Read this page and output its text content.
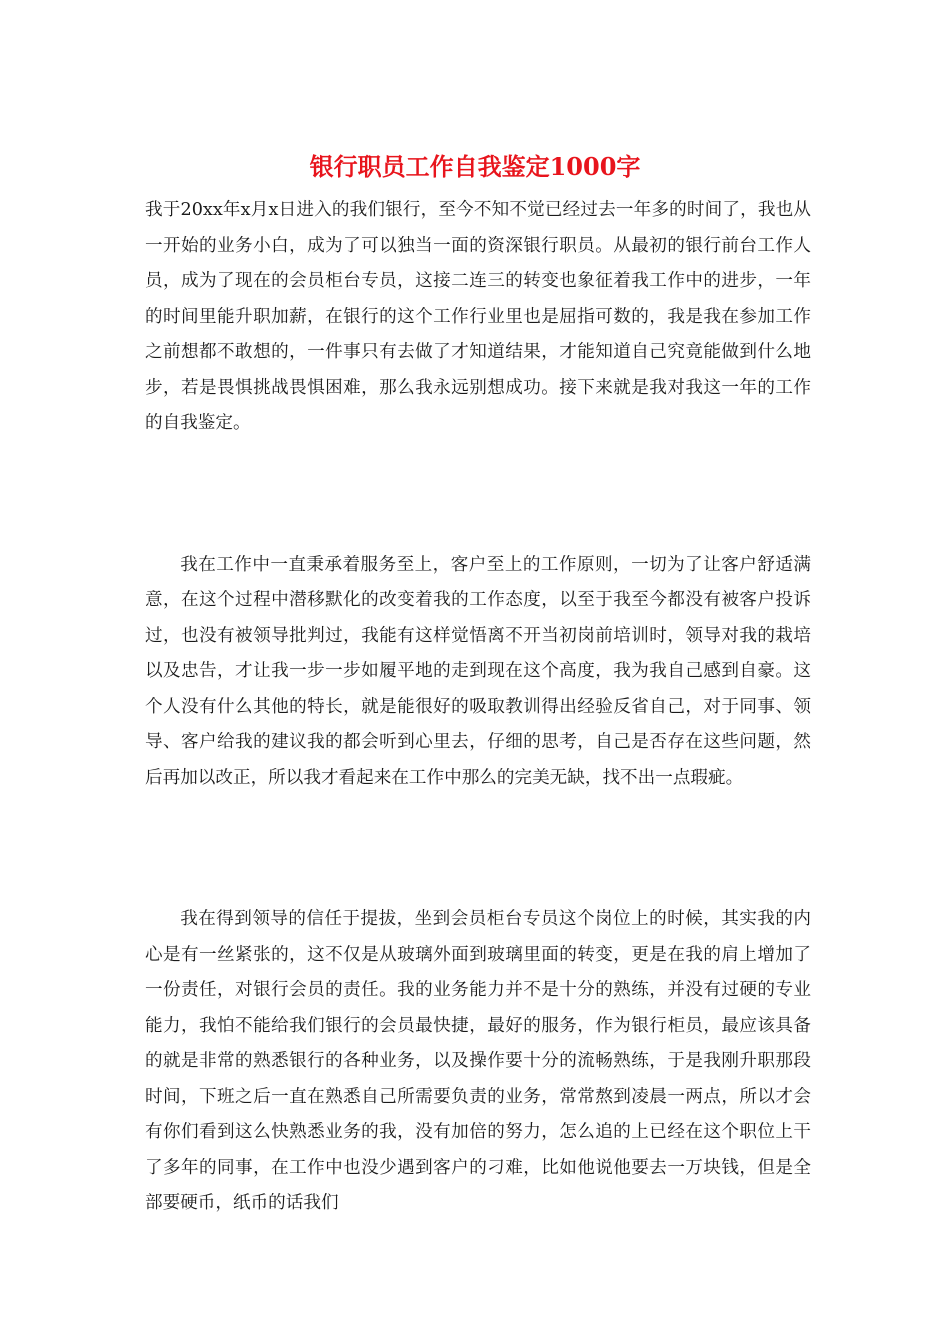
银行职员工作自我鉴定1000字

我于20xx年x月x日进入的我们银行，至今不知不觉已经过去一年多的时间了，我也从一开始的业务小白，成为了可以独当一面的资深银行职员。从最初的银行前台工作人员，成为了现在的会员柜台专员，这接二连三的转变也象征着我工作中的进步，一年的时间里能升职加薪，在银行的这个工作行业里也是屈指可数的，我是我在参加工作之前想都不敢想的，一件事只有去做了才知道结果，才能知道自己究竟能做到什么地步，若是畏惧挑战畏惧困难，那么我永远别想成功。接下来就是我对我这一年的工作的自我鉴定。

我在工作中一直秉承着服务至上，客户至上的工作原则，一切为了让客户舒适满意，在这个过程中潜移默化的改变着我的工作态度，以至于我至今都没有被客户投诉过，也没有被领导批判过，我能有这样觉悟离不开当初岗前培训时，领导对我的栽培以及忠告，才让我一步一步如履平地的走到现在这个高度，我为我自己感到自豪。这个人没有什么其他的特长，就是能很好的吸取教训得出经验反省自己，对于同事、领导、客户给我的建议我的都会听到心里去，仔细的思考，自己是否存在这些问题，然后再加以改正，所以我才看起来在工作中那么的完美无缺，找不出一点瑕疵。

我在得到领导的信任于提拔，坐到会员柜台专员这个岗位上的时候，其实我的内心是有一丝紧张的，这不仅是从玻璃外面到玻璃里面的转变，更是在我的肩上增加了一份责任，对银行会员的责任。我的业务能力并不是十分的熟练，并没有过硬的专业能力，我怕不能给我们银行的会员最快捷，最好的服务，作为银行柜员，最应该具备的就是非常的熟悉银行的各种业务，以及操作要十分的流畅熟练，于是我刚升职那段时间，下班之后一直在熟悉自己所需要负责的业务，常常熬到凌晨一两点，所以才会有你们看到这么快熟悉业务的我，没有加倍的努力，怎么追的上已经在这个职位上干了多年的同事，在工作中也没少遇到客户的刁难，比如他说他要去一万块钱，但是全部要硬币，纸币的话我们
